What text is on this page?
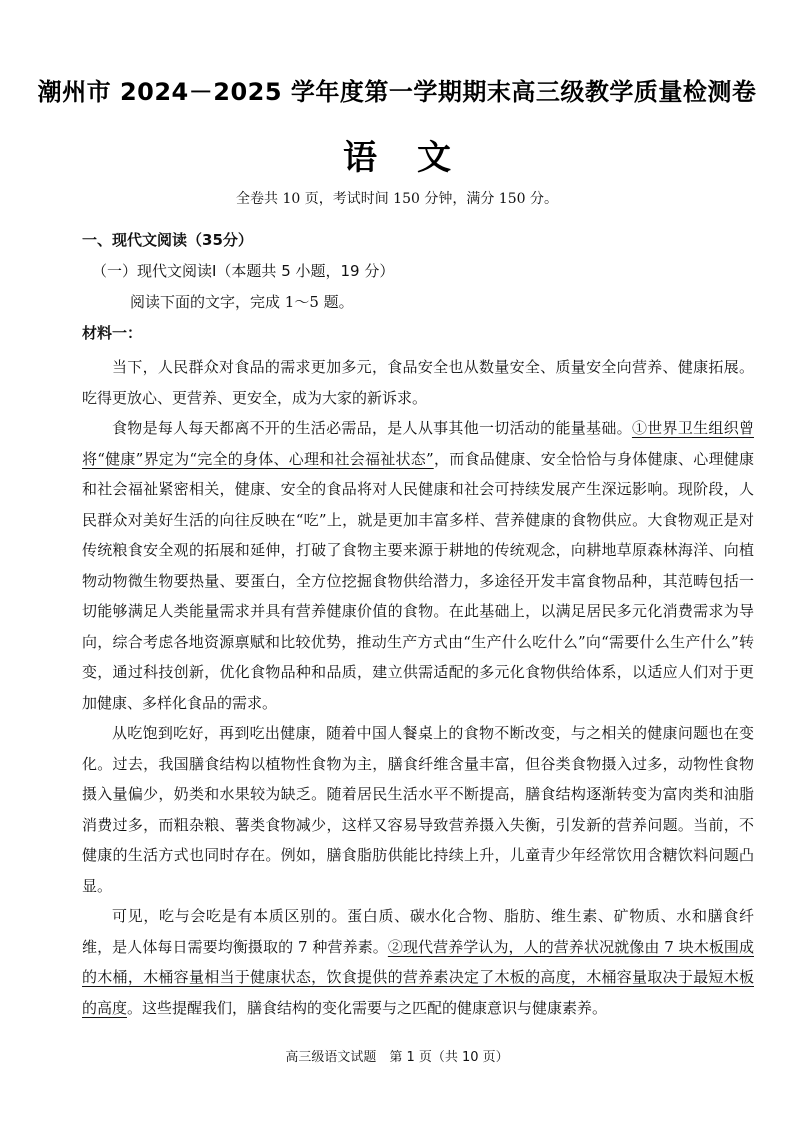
潮州市 2024－2025 学年度第一学期期末高三级教学质量检测卷
语文
全卷共 10 页，考试时间 150 分钟，满分 150 分。
一、现代文阅读（35分）
（一）现代文阅读Ⅰ（本题共 5 小题，19 分）
阅读下面的文字，完成 1～5 题。
材料一：

当下，人民群众对食品的需求更加多元，食品安全也从数量安全、质量安全向营养、健康拓展。吃得更放心、更营养、更安全，成为大家的新诉求。

食物是每人每天都离不开的生活必需品，是人从事其他一切活动的能量基础。①世界卫生组织曾将“健康”界定为“完全的身体、心理和社会福祉状态”，而食品健康、安全恰恰与身体健康、心理健康和社会福祉紧密相关，健康、安全的食品将对人民健康和社会可持续发展产生深远影响。现阶段，人民群众对美好生活的向往反映在“吃”上，就是更加丰富多样、营养健康的食物供应。大食物观正是对传统粮食安全观的拓展和延伸，打破了食物主要来源于耕地的传统观念，向耕地草原森林海洋、向植物动物微生物要热量、要蛋白，全方位挖掘食物供给潜力，多途径开发丰富食物品种，其范畴包括一切能够满足人类能量需求并具有营养健康价值的食物。在此基础上，以满足居民多元化消费需求为导向，综合考虑各地资源禀赋和比较优势，推动生产方式由“生产什么吃什么”向“需要什么生产什么”转变，通过科技创新，优化食物品种和品质，建立供需适配的多元化食物供给体系，以适应人们对于更加健康、多样化食品的需求。

从吃饱到吃好，再到吃出健康，随着中国人餐桌上的食物不断改变，与之相关的健康问题也在变化。过去，我国膳食结构以植物性食物为主，膳食纤维含量丰富，但谷类食物摄入过多，动物性食物摄入量偏少，奶类和水果较为缺乏。随着居民生活水平不断提高，膳食结构逐渐转变为富肉类和油脂消费过多，而粗杂粮、薯类食物减少，这样又容易导致营养摄入失衡，引发新的营养问题。当前，不健康的生活方式也同时存在。例如，膳食脂肪供能比持续上升，儿童青少年经常饮用含糖饮料问题凸显。

可见，吃与会吃是有本质区别的。蛋白质、碳水化合物、脂肪、维生素、矿物质、水和膳食纤维，是人体每日需要均衡摄取的 7 种营养素。②现代营养学认为，人的营养状况就像由 7 块木板围成的木桶，木桶容量相当于健康状态，饮食提供的营养素决定了木板的高度，木桶容量取决于最短木板的高度。这些提醒我们，膳食结构的变化需要与之匹配的健康意识与健康素养。

高三级语文试题　第 1 页（共 10 页）
